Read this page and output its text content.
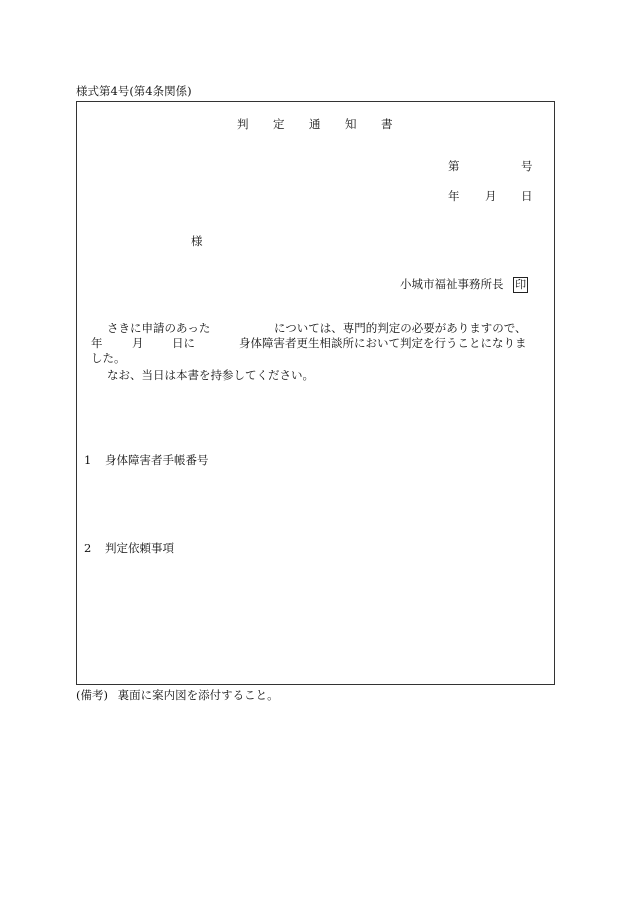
様式第4号(第4条関係)
判 定 通 知 書
第	号
年 月 日
様
小城市福祉事務所長 印
さきに申請のあった	については、専門的判定の必要がありますので、
年	月 日に	身体障害者更生相談所において判定を行うことになりま
した。
なお、当日は本書を持参してください。
1 身体障害者手帳番号
2 判定依頼事項
(備考) 裏面に案内図を添付すること。
